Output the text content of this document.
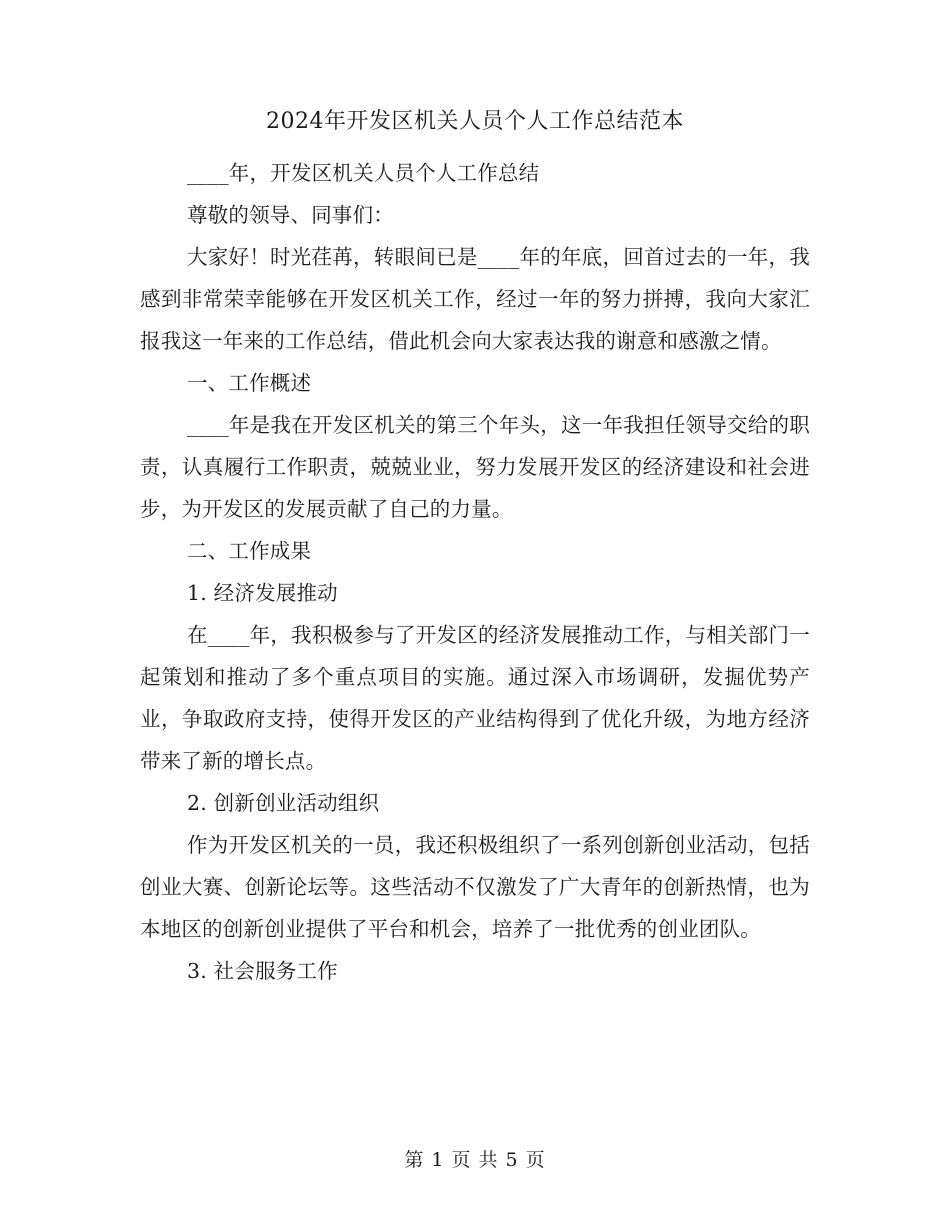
2024年开发区机关人员个人工作总结范本

____年，开发区机关人员个人工作总结

尊敬的领导、同事们：

大家好！时光荏苒，转眼间已是____年的年底，回首过去的一年，我感到非常荣幸能够在开发区机关工作，经过一年的努力拼搏，我向大家汇报我这一年来的工作总结，借此机会向大家表达我的谢意和感激之情。

一、工作概述

____年是我在开发区机关的第三个年头，这一年我担任领导交给的职责，认真履行工作职责，兢兢业业，努力发展开发区的经济建设和社会进步，为开发区的发展贡献了自己的力量。

二、工作成果

1. 经济发展推动

在____年，我积极参与了开发区的经济发展推动工作，与相关部门一起策划和推动了多个重点项目的实施。通过深入市场调研，发掘优势产业，争取政府支持，使得开发区的产业结构得到了优化升级，为地方经济带来了新的增长点。

2. 创新创业活动组织

作为开发区机关的一员，我还积极组织了一系列创新创业活动，包括创业大赛、创新论坛等。这些活动不仅激发了广大青年的创新热情，也为本地区的创新创业提供了平台和机会，培养了一批优秀的创业团队。

3. 社会服务工作

第 1 页 共 5 页
